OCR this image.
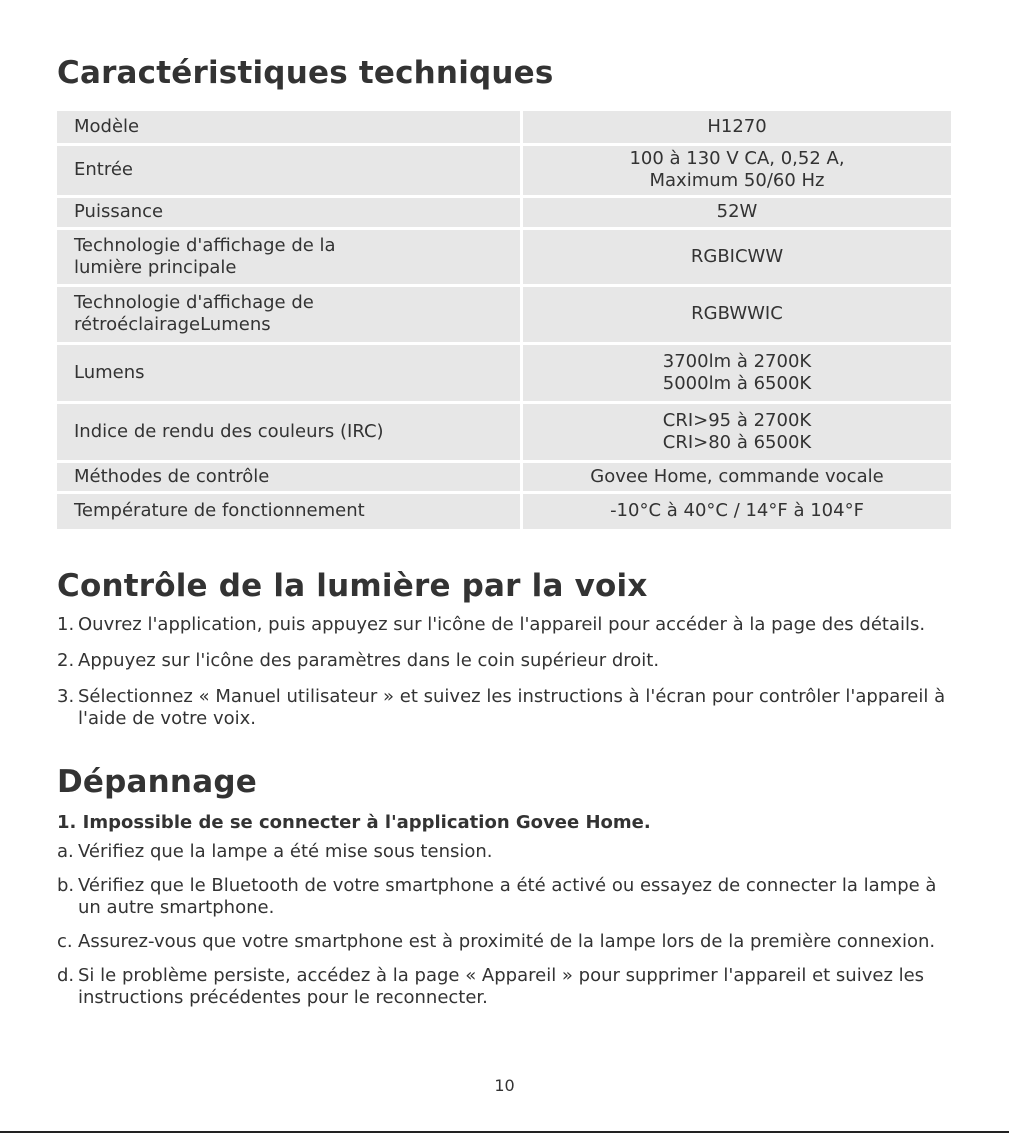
Caractéristiques techniques
Modèle	H1270

Entrée	100 à 130 V CA, 0,52 A,
Maximum 50/60 Hz

Puissance	52W

Technologie d'affichage de la
lumière principale	RGBICWW

Technologie d'affichage de
rétroéclairageLumens	RGBWWIC

Lumens	3700lm à 2700K
5000lm à 6500K

Indice de rendu des couleurs (IRC)	CRI>95 à 2700K
CRI>80 à 6500K

Méthodes de contrôle	Govee Home, commande vocale

Température de fonctionnement	-10°C à 40°C / 14°F à 104°F
Contrôle de la lumière par la voix
1. Ouvrez l'application, puis appuyez sur l'icône de l'appareil pour accéder à la page des détails.
2. Appuyez sur l'icône des paramètres dans le coin supérieur droit.
3. Sélectionnez « Manuel utilisateur » et suivez les instructions à l'écran pour contrôler l'appareil à l'aide de votre voix.
Dépannage

1. Impossible de se connecter à l'application Govee Home.

a. Vérifiez que la lampe a été mise sous tension.
b. Vérifiez que le Bluetooth de votre smartphone a été activé ou essayez de connecter la lampe à un autre smartphone.
c. Assurez-vous que votre smartphone est à proximité de la lampe lors de la première connexion.
d. Si le problème persiste, accédez à la page « Appareil » pour supprimer l'appareil et suivez les instructions précédentes pour le reconnecter.
10
